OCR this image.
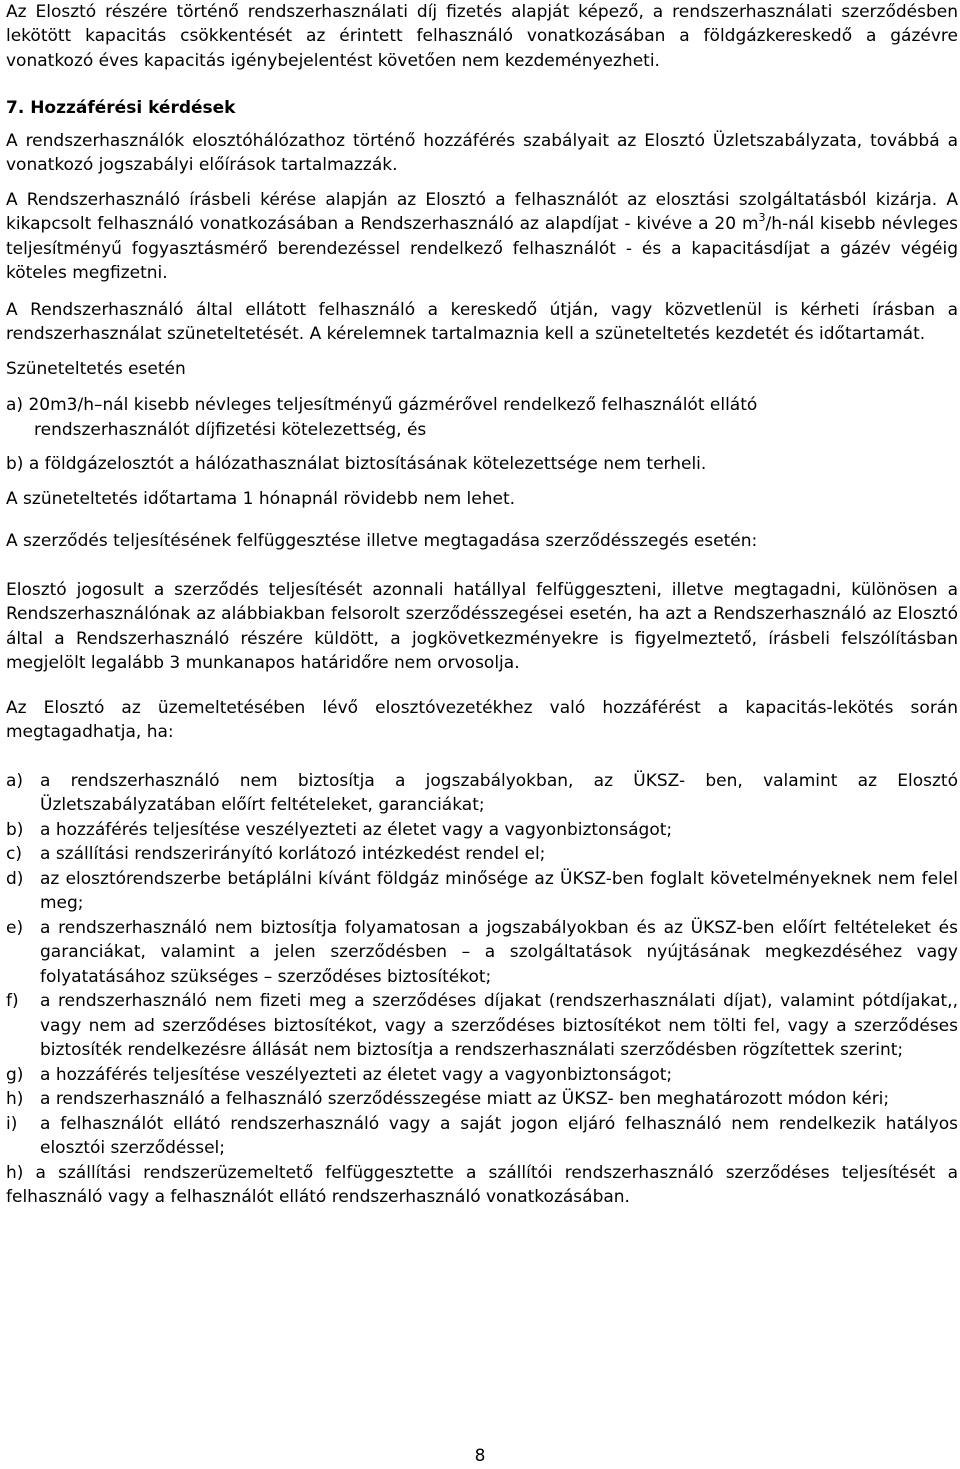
Az Elosztó részére történő rendszerhasználati díj fizetés alapját képező, a rendszerhasználati szerződésben lekötött kapacitás csökkentését az érintett felhasználó vonatkozásában a földgázkereskedő a gázévre vonatkozó éves kapacitás igénybejelentést követően nem kezdeményezheti.

7. Hozzáférési kérdések

A rendszerhasználók elosztóhálózathoz történő hozzáférés szabályait az Elosztó Üzletszabályzata, továbbá a vonatkozó jogszabályi előírások tartalmazzák.

A Rendszerhasználó írásbeli kérése alapján az Elosztó a felhasználót az elosztási szolgáltatásból kizárja. A kikapcsolt felhasználó vonatkozásában a Rendszerhasználó az alapdíjat - kivéve a 20 $m^3/h$-nál kisebb névleges teljesítményű fogyasztásmérő berendezéssel rendelkező felhasználót - és a kapacitásdíjat a gázév végéig köteles megfizetni.

A Rendszerhasználó által ellátott felhasználó a kereskedő útján, vagy közvetlenül is kérheti írásban a rendszerhasználat szüneteltetését. A kérelemnek tartalmaznia kell a szüneteltetés kezdetét és időtartamát.

Szüneteltetés esetén

a) 20m3/h–nál kisebb névleges teljesítményű gázmérővel rendelkező felhasználót ellátó

rendszerhasználót díjfizetési kötelezettség, és

b) a földgázelosztót a hálózathasználat biztosításának kötelezettsége nem terheli.

A szüneteltetés időtartama 1 hónapnál rövidebb nem lehet.

A szerződés teljesítésének felfüggesztése illetve megtagadása szerződésszegés esetén:

Elosztó jogosult a szerződés teljesítését azonnali hatállyal felfüggeszteni, illetve megtagadni, különösen a Rendszerhasználónak az alábbiakban felsorolt szerződésszegései esetén, ha azt a Rendszerhasználó az Elosztó által a Rendszerhasználó részére küldött, a jogkövetkezményekre is figyelmeztető, írásbeli felszólításban megjelölt legalább 3 munkanapos határidőre nem orvosolja.

Az Elosztó az üzemeltetésében lévő elosztóvezetékhez való hozzáférést a kapacitás-lekötés során megtagadhatja, ha:

a) a rendszerhasználó nem biztosítja a jogszabályokban, az ÜKSZ- ben, valamint az Elosztó Üzletszabályzatában előírt feltételeket, garanciákat;
b) a hozzáférés teljesítése veszélyezteti az életet vagy a vagyonbiztonságot;
c)	a szállítási rendszerirányító korlátozó intézkedést rendel el;
d) az elosztórendszerbe betáplálni kívánt földgáz minősége az ÜKSZ-ben foglalt követelményeknek nem felel meg;
e) a rendszerhasználó nem biztosítja folyamatosan a jogszabályokban és az ÜKSZ-ben előírt feltételeket és garanciákat, valamint a jelen szerződésben – a szolgáltatások nyújtásának megkezdéséhez vagy folyatatásához szükséges – szerződéses biztosítékot;
f)	a rendszerhasználó nem fizeti meg a szerződéses díjakat (rendszerhasználati díjat), valamint pótdíjakat,, vagy nem ad szerződéses biztosítékot, vagy a szerződéses biztosítékot nem tölti fel, vagy a szerződéses biztosíték rendelkezésre állását nem biztosítja a rendszerhasználati szerződésben rögzítettek szerint;
g) a hozzáférés teljesítése veszélyezteti az életet vagy a vagyonbiztonságot;
h) a rendszerhasználó a felhasználó szerződésszegése miatt az ÜKSZ- ben meghatározott módon kéri;
i)	a felhasználót ellátó rendszerhasználó vagy a saját jogon eljáró felhasználó nem rendelkezik hatályos elosztói szerződéssel;

h) a szállítási rendszerüzemeltető felfüggesztette a szállítói rendszerhasználó szerződéses teljesítését a felhasználó vagy a felhasználót ellátó rendszerhasználó vonatkozásában.

8
